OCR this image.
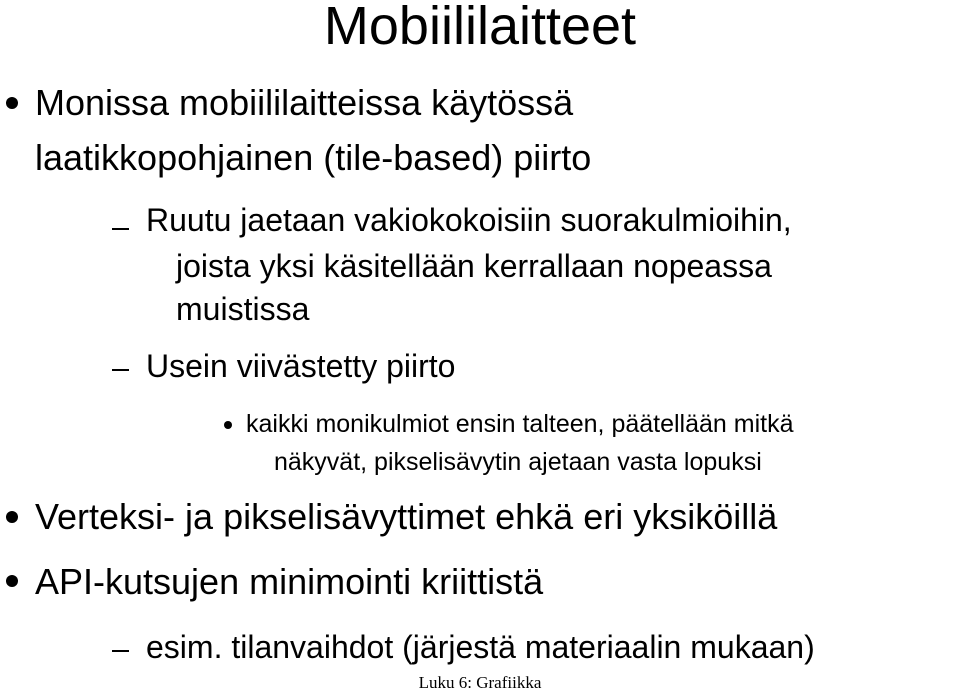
Mobiililaitteet
Monissa mobiililaitteissa käytössä
laatikkopohjainen (tile-based) piirto
Ruutu jaetaan vakiokokoisiin suorakulmioihin,
joista yksi käsitellään kerrallaan nopeassa
muistissa
Usein viivästetty piirto
kaikki monikulmiot ensin talteen, päätellään mitkä
näkyvät, pikselisävytin ajetaan vasta lopuksi
Verteksi- ja pikselisävyttimet ehkä eri yksiköillä
API-kutsujen minimointi kriittistä
esim. tilanvaihdot (järjestä materiaalin mukaan)
Luku 6: Grafiikka
